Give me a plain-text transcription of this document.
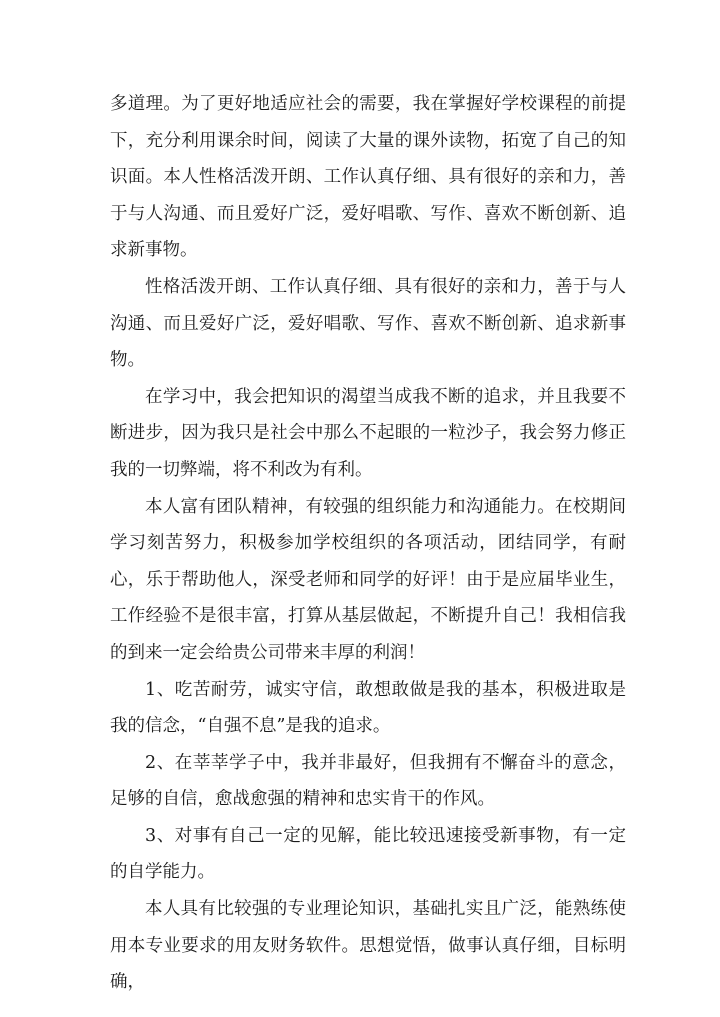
多道理。为了更好地适应社会的需要，我在掌握好学校课程的前提下，充分利用课余时间，阅读了大量的课外读物，拓宽了自己的知识面。本人性格活泼开朗、工作认真仔细、具有很好的亲和力，善于与人沟通、而且爱好广泛，爱好唱歌、写作、喜欢不断创新、追求新事物。

性格活泼开朗、工作认真仔细、具有很好的亲和力，善于与人沟通、而且爱好广泛，爱好唱歌、写作、喜欢不断创新、追求新事物。

在学习中，我会把知识的渴望当成我不断的追求，并且我要不断进步，因为我只是社会中那么不起眼的一粒沙子，我会努力修正我的一切弊端，将不利改为有利。

本人富有团队精神，有较强的组织能力和沟通能力。在校期间学习刻苦努力，积极参加学校组织的各项活动，团结同学，有耐心，乐于帮助他人，深受老师和同学的好评！由于是应届毕业生，工作经验不是很丰富，打算从基层做起，不断提升自己！我相信我的到来一定会给贵公司带来丰厚的利润！

1、吃苦耐劳，诚实守信，敢想敢做是我的基本，积极进取是我的信念，“自强不息”是我的追求。

2、在莘莘学子中，我并非最好，但我拥有不懈奋斗的意念，足够的自信，愈战愈强的精神和忠实肯干的作风。

3、对事有自己一定的见解，能比较迅速接受新事物，有一定的自学能力。

本人具有比较强的专业理论知识，基础扎实且广泛，能熟练使用本专业要求的用友财务软件。思想觉悟，做事认真仔细，目标明确，
